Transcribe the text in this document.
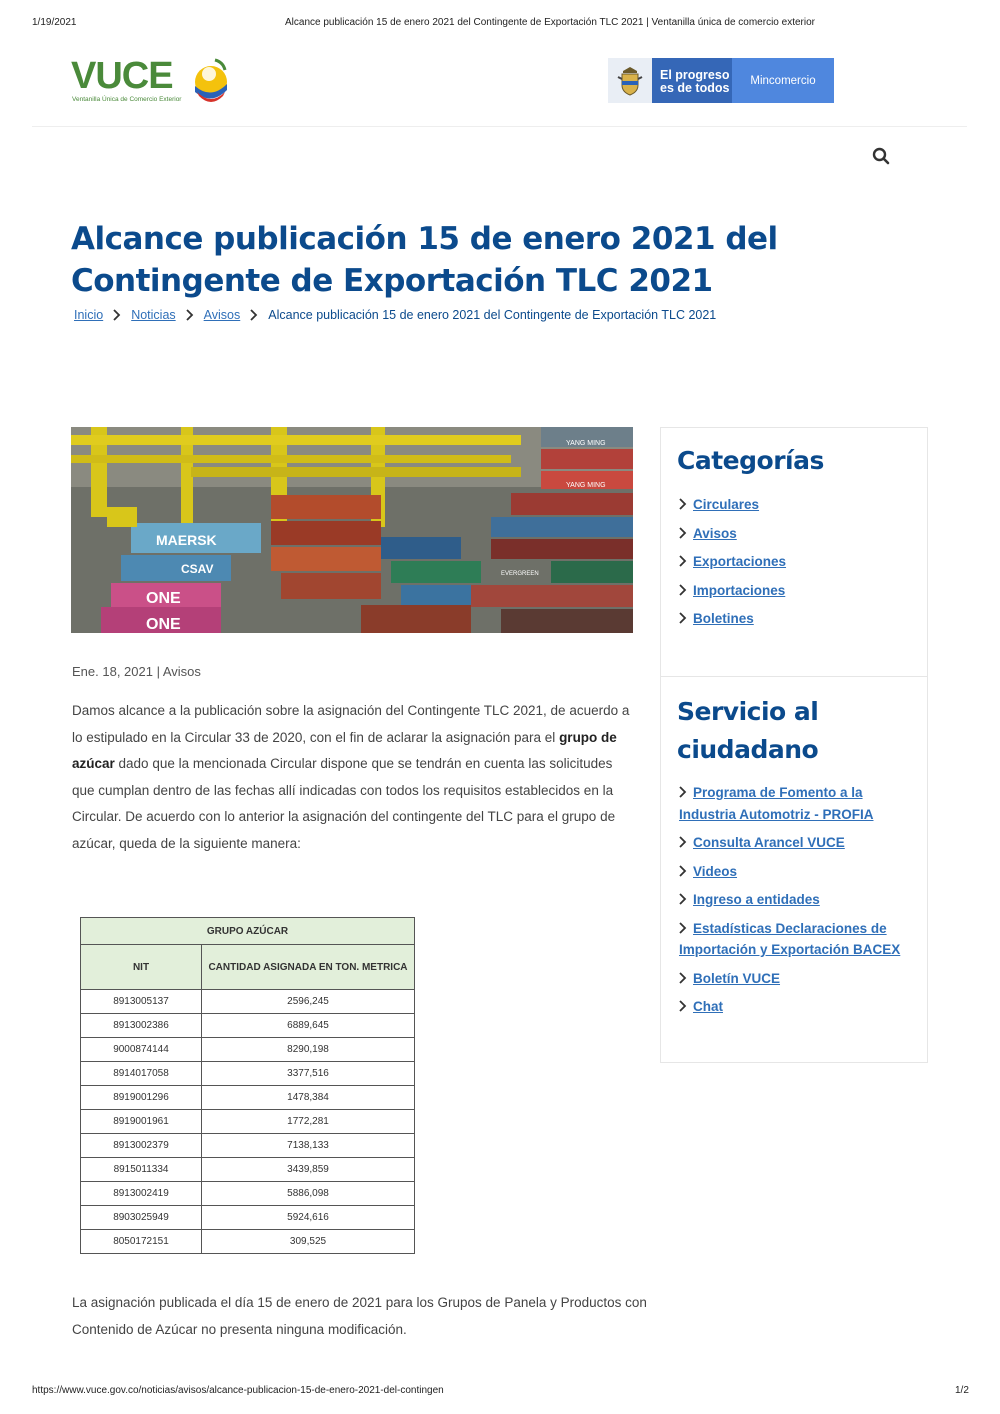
1/19/2021	Alcance publicación 15 de enero 2021 del Contingente de Exportación TLC 2021 | Ventanilla única de comercio exterior
VUCE
Ventanilla Única de Comercio Exterior
El progreso
es de todos
Mincomercio
Alcance publicación 15 de enero 2021 del Contingente de Exportación TLC 2021
Inicio Noticias Avisos Alcance publicación 15 de enero 2021 del Contingente de Exportación TLC 2021
MAERSK
CSAV
ONE
ONE
YANG MING
YANG MING
EVERGREEN
Ene. 18, 2021 | Avisos
Damos alcance a la publicación sobre la asignación del Contingente TLC 2021, de acuerdo a lo estipulado en la Circular 33 de 2020, con el fin de aclarar la asignación para el grupo de azúcar dado que la mencionada Circular dispone que se tendrán en cuenta las solicitudes que cumplan dentro de las fechas allí indicadas con todos los requisitos establecidos en la Circular. De acuerdo con lo anterior la asignación del contingente del TLC para el grupo de azúcar, queda de la siguiente manera:
GRUPO AZÚCAR	
NIT	CANTIDAD ASIGNADA EN TON. METRICA
8913005137	2596,245
8913002386	6889,645
9000874144	8290,198
8914017058	3377,516
8919001296	1478,384
8919001961	1772,281
8913002379	7138,133
8915011334	3439,859
8913002419	5886,098
8903025949	5924,616
8050172151	309,525
La asignación publicada el día 15 de enero de 2021 para los Grupos de Panela y Productos con Contenido de Azúcar no presenta ninguna modificación.
Categorías
Circulares
Avisos
Exportaciones
Importaciones
Boletines
Servicio al
ciudadano
Programa de Fomento a la Industria Automotriz - PROFIA
Consulta Arancel VUCE
Videos
Ingreso a entidades
Estadísticas Declaraciones de Importación y Exportación BACEX
Boletín VUCE
Chat
https://www.vuce.gov.co/noticias/avisos/alcance-publicacion-15-de-enero-2021-del-contingen	1/2
